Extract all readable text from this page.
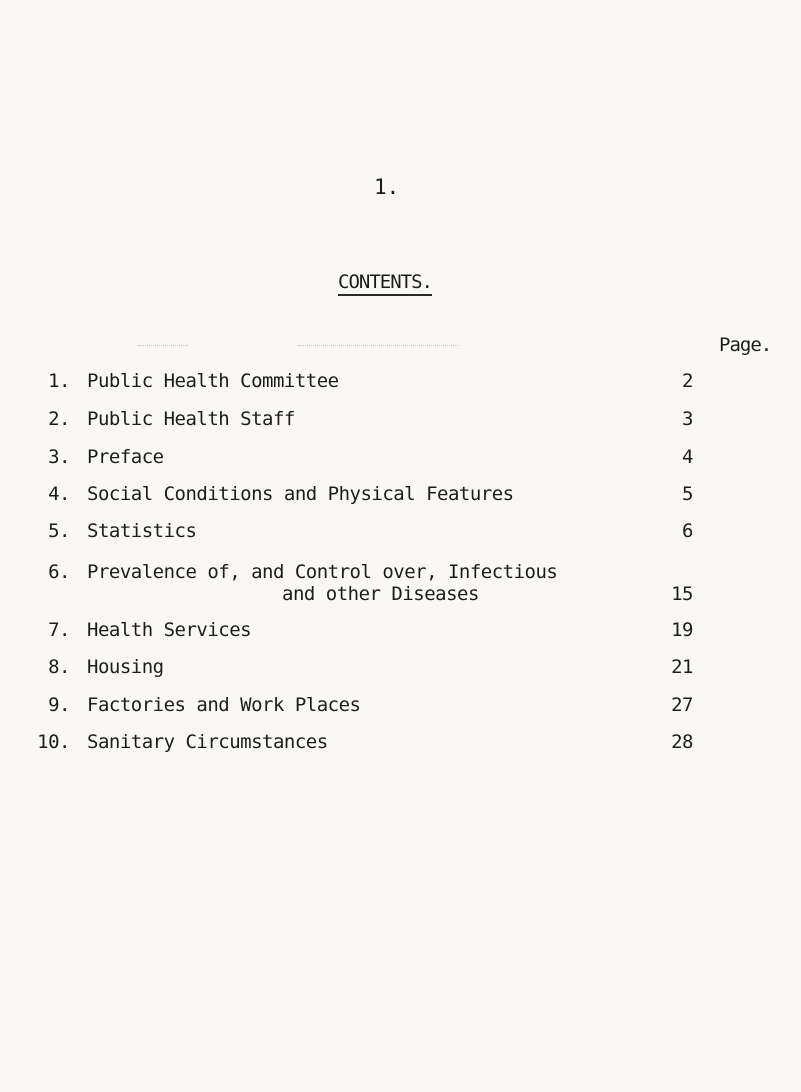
1.
CONTENTS.
Page.
1. Public Health Committee	2
2. Public Health Staff	3
3. Preface	4
4. Social Conditions and Physical Features	5
5. Statistics	6
6. Prevalence of, and Control over, Infectious
and other Diseases	15
7. Health Services	19
8. Housing	21
9. Factories and Work Places	27
10. Sanitary Circumstances	28
